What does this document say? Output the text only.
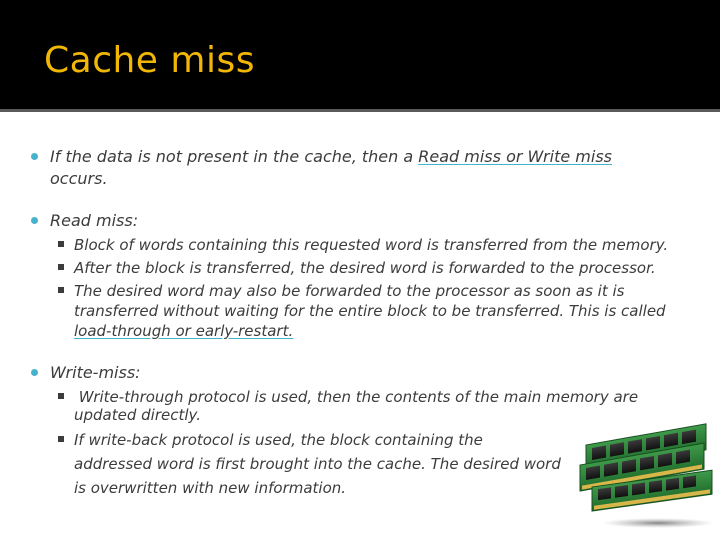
Cache miss
If the data is not present in the cache, then a Read miss or Write miss
occurs.
Read miss:
Block of words containing this requested word is transferred from the memory.
After the block is transferred, the desired word is forwarded to the processor.
The desired word may also be forwarded to the processor as soon as it is
transferred without waiting for the entire block to be transferred. This is called
load-through or early-restart.
Write-miss:
Write-through protocol is used, then the contents of the main memory are
updated directly.
If write-back protocol is used, the block containing the
addressed word is first brought into the cache. The desired word
is overwritten with new information.
